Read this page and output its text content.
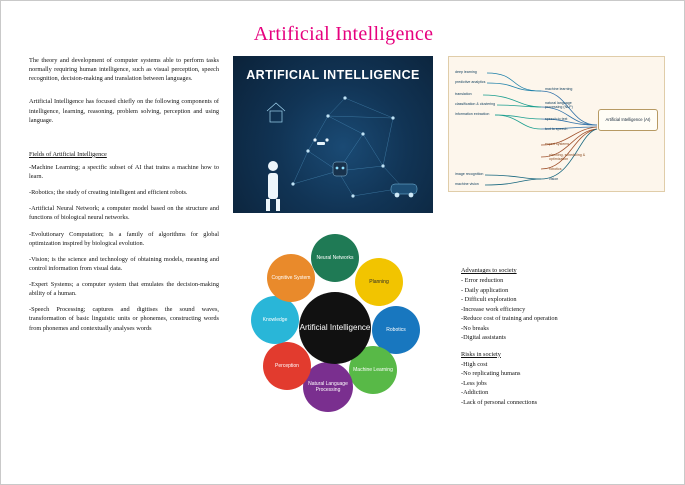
Artificial Intelligence
The theory and development of computer systems able to perform tasks normally requiring human intelligence, such as visual perception, speech recognition, decision-making and translation between languages.
Artificial Intelligence has focused chiefly on the following components of intelligence, learning, reasoning, problem solving, perception and using language.
Fields of Artificial Intelligence
-Machine Learning; a specific subset of AI that trains a machine how to learn.
-Robotics; the study of creating intelligent and efficient robots.
-Artificial Neural Network; a computer model based on the structure and functions of biological neural networks.
-Evolutionary Computation; Is a family of algorithms for global optimization inspired by biological evolution.
-Vision; is the science and technology of obtaining models, meaning and control information from visual data.
-Expert Systems; a computer system that emulates the decision-making ability of a human.
-Speech Processing; captures and digitises the sound waves, transformation of basic linguistic units or phonemes, constructing words from phonemes and contextually analyses words
ARTIFICIAL INTELLIGENCE	deep learning
predictive analytics
translation
classification & clustering
information extraction
image recognition
machine vision
machine learning
natural language processing (NLP)
speech to text
text to speech
expert systems
planning, scheduling & optimization
robotics
vision
Artificial Intelligence (AI)
Neural Networks
Planning
Robotics
Machine Learning
Natural Language Processing
Perception
Knowledge
Cognitive System
Artificial Intelligence
Advantages to society
- Error reduction
- Daily application
- Difficult exploration
-Increase work efficiency
-Reduce cost of training and operation
-No breaks
-Digital assistants
Risks in society
-High cost
-No replicating humans
-Less jobs
-Addiction
-Lack of personal connections
